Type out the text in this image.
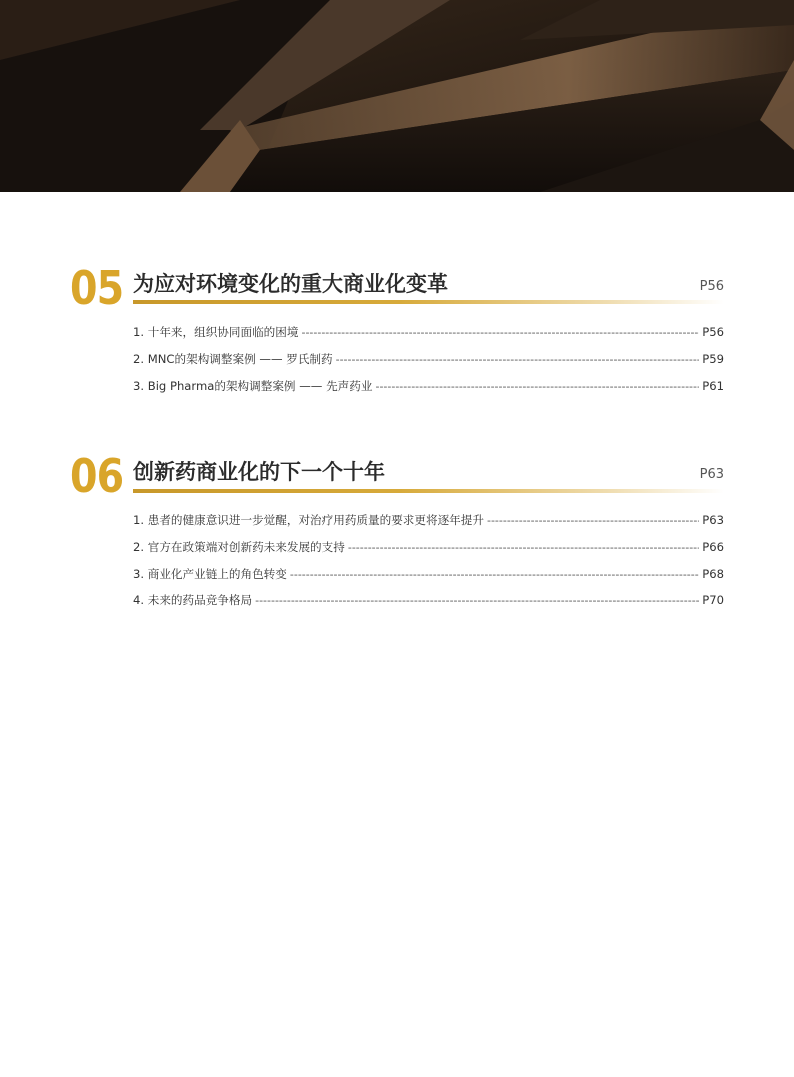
05 为应对环境变化的重大商业化变革	P56
1. 十年来，组织协同面临的困境 -----	P56
2. MNC的架构调整案例 —— 罗氏制药 -----	P59
3. Big Pharma的架构调整案例 —— 先声药业 -----	P61
06 创新药商业化的下一个十年	P63
1. 患者的健康意识进一步觉醒，对治疗用药质量的要求更将逐年提升 -----	P63
2. 官方在政策端对创新药未来发展的支持 -----	P66
3. 商业化产业链上的角色转变 -----	P68
4. 未来的药品竞争格局 -----	P70
